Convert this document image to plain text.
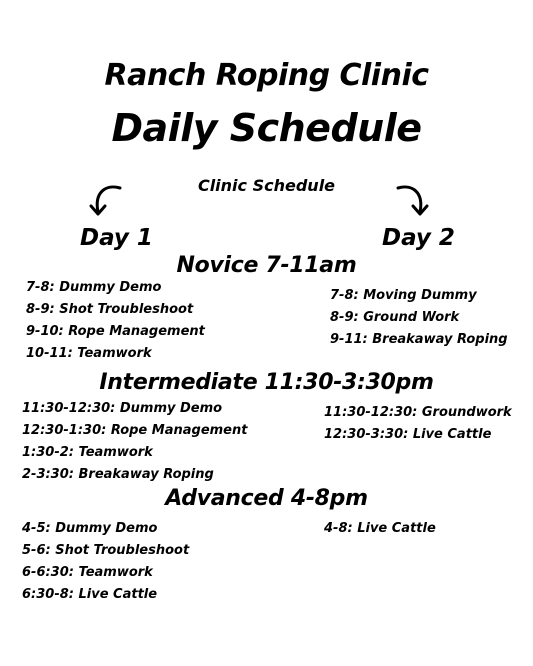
Ranch Roping Clinic
Daily Schedule
Clinic Schedule
Day 1	Day 2
Novice 7-11am
7-8: Dummy Demo
8-9: Shot Troubleshoot
9-10: Rope Management
10-11: Teamwork
7-8: Moving Dummy
8-9: Ground Work
9-11: Breakaway Roping
Intermediate 11:30-3:30pm
11:30-12:30: Dummy Demo
12:30-1:30: Rope Management
1:30-2: Teamwork
2-3:30: Breakaway Roping
11:30-12:30: Groundwork
12:30-3:30: Live Cattle
Advanced 4-8pm
4-5: Dummy Demo
5-6: Shot Troubleshoot
6-6:30: Teamwork
6:30-8: Live Cattle
4-8: Live Cattle
